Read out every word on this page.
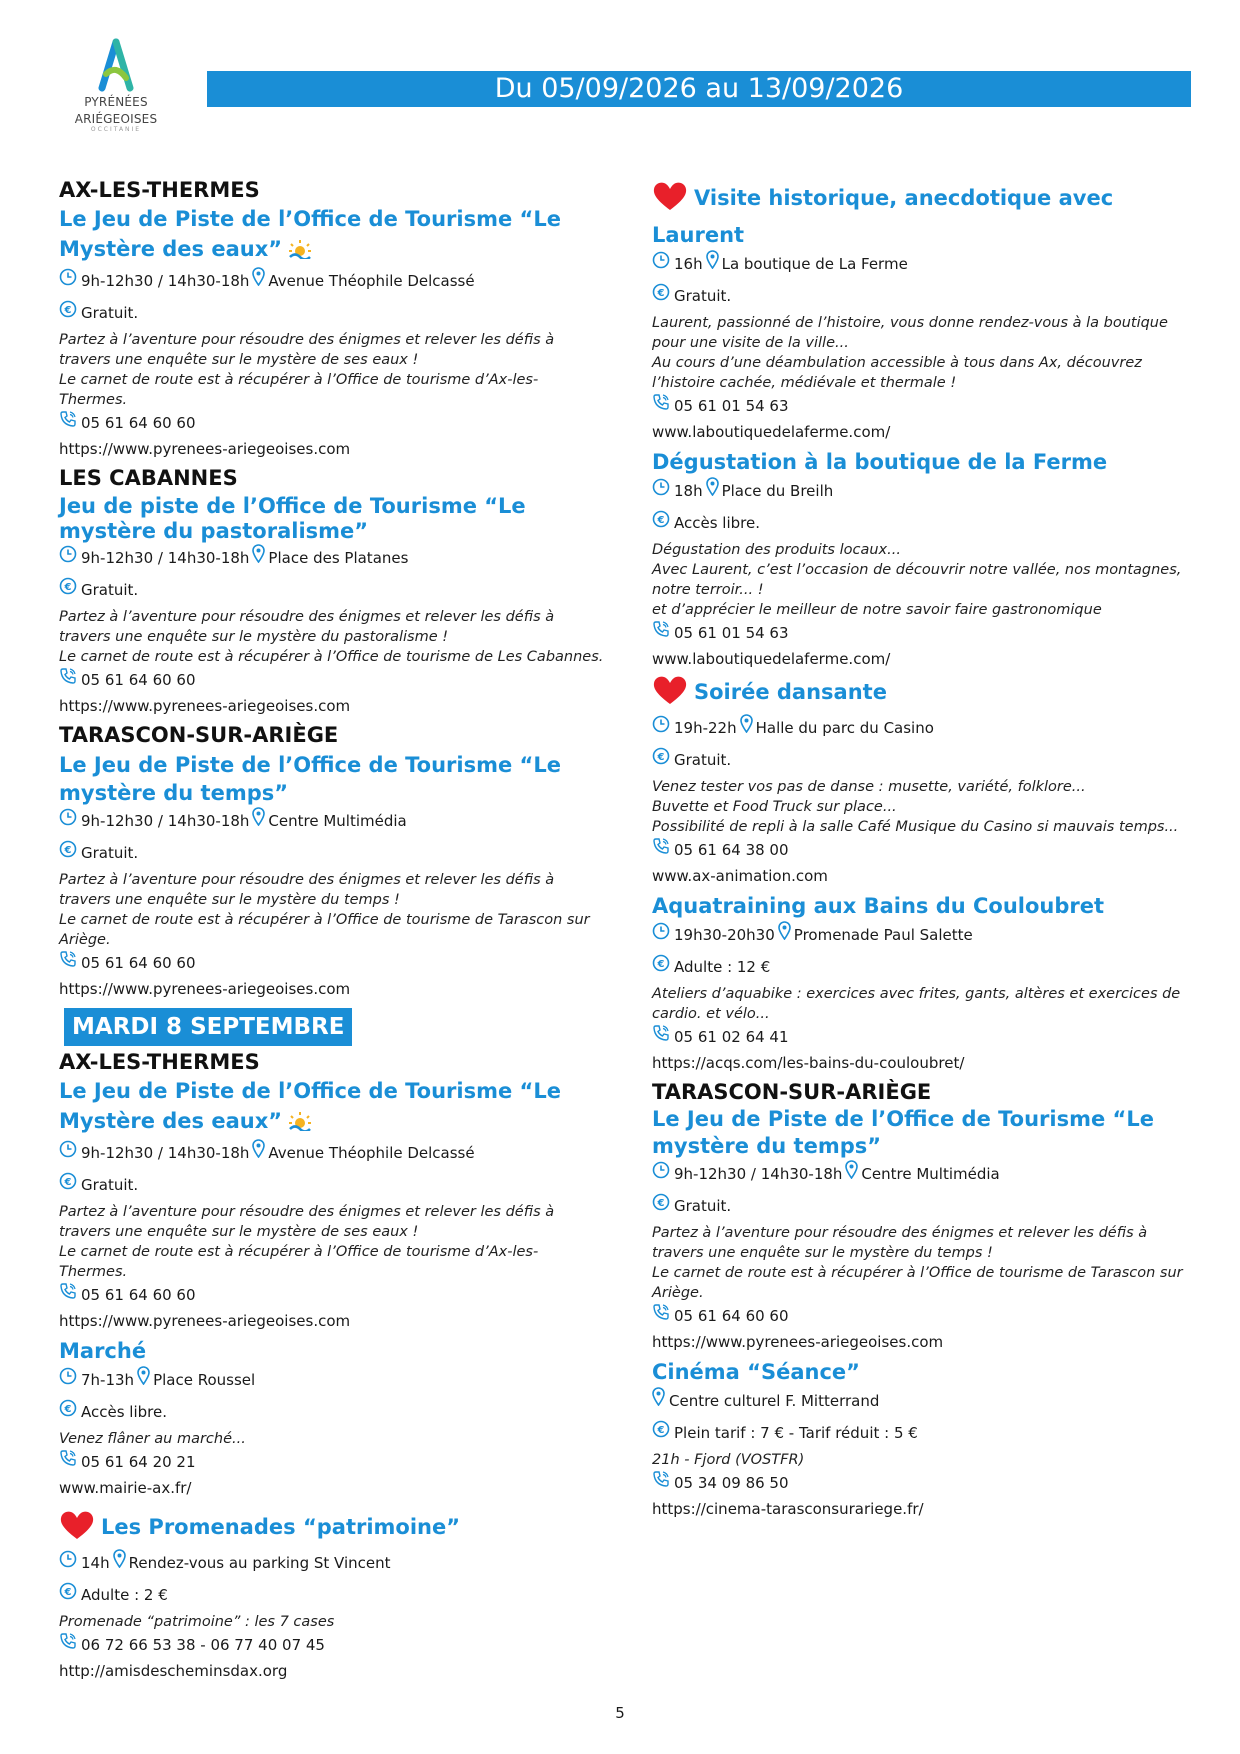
PYRÉNÉES
ARIÉGEOISES
OCCITANIE
Du 05/09/2026 au 13/09/2026
AX-LES-THERMES
Le Jeu de Piste de l’Office de Tourisme “Le Mystère des eaux”
9h-12h30 / 14h30-18h Avenue Théophile Delcassé
€ Gratuit.
Partez à l’aventure pour résoudre des énigmes et relever les défis à travers une enquête sur le mystère de ses eaux !
Le carnet de route est à récupérer à l’Office de tourisme d’Ax-les-Thermes.
05 61 64 60 60
https://www.pyrenees-ariegeoises.com
LES CABANNES
Jeu de piste de l’Office de Tourisme “Le mystère du pastoralisme”
9h-12h30 / 14h30-18h Place des Platanes
€ Gratuit.
Partez à l’aventure pour résoudre des énigmes et relever les défis à travers une enquête sur le mystère du pastoralisme !
Le carnet de route est à récupérer à l’Office de tourisme de Les Cabannes.
05 61 64 60 60
https://www.pyrenees-ariegeoises.com
TARASCON-SUR-ARIÈGE
Le Jeu de Piste de l’Office de Tourisme “Le mystère du temps”
9h-12h30 / 14h30-18h Centre Multimédia
€ Gratuit.
Partez à l’aventure pour résoudre des énigmes et relever les défis à travers une enquête sur le mystère du temps !
Le carnet de route est à récupérer à l’Office de tourisme de Tarascon sur Ariège.
05 61 64 60 60
https://www.pyrenees-ariegeoises.com
MARDI 8 SEPTEMBRE
AX-LES-THERMES
Le Jeu de Piste de l’Office de Tourisme “Le Mystère des eaux”
9h-12h30 / 14h30-18h Avenue Théophile Delcassé
€ Gratuit.
Partez à l’aventure pour résoudre des énigmes et relever les défis à travers une enquête sur le mystère de ses eaux !
Le carnet de route est à récupérer à l’Office de tourisme d’Ax-les-Thermes.
05 61 64 60 60
https://www.pyrenees-ariegeoises.com
Marché
7h-13h Place Roussel
€ Accès libre.
Venez flâner au marché...
05 61 64 20 21
www.mairie-ax.fr/
Les Promenades “patrimoine”
14h Rendez-vous au parking St Vincent
€ Adulte : 2 €
Promenade “patrimoine” : les 7 cases
06 72 66 53 38 - 06 77 40 07 45
http://amisdescheminsdax.org
Visite historique, anecdotique avec Laurent
16h La boutique de La Ferme
€ Gratuit.
Laurent, passionné de l’histoire, vous donne rendez-vous à la boutique pour une visite de la ville...
Au cours d’une déambulation accessible à tous dans Ax, découvrez l’histoire cachée, médiévale et thermale !
05 61 01 54 63
www.laboutiquedelaferme.com/
Dégustation à la boutique de la Ferme
18h Place du Breilh
€ Accès libre.
Dégustation des produits locaux...
Avec Laurent, c’est l’occasion de découvrir notre vallée, nos montagnes, notre terroir... !
et d’apprécier le meilleur de notre savoir faire gastronomique
05 61 01 54 63
www.laboutiquedelaferme.com/
Soirée dansante
19h-22h Halle du parc du Casino
€ Gratuit.
Venez tester vos pas de danse : musette, variété, folklore...
Buvette et Food Truck sur place...
Possibilité de repli à la salle Café Musique du Casino si mauvais temps...
05 61 64 38 00
www.ax-animation.com
Aquatraining aux Bains du Couloubret
19h30-20h30 Promenade Paul Salette
€ Adulte : 12 €
Ateliers d’aquabike : exercices avec frites, gants, altères et exercices de cardio. et vélo...
05 61 02 64 41
https://acqs.com/les-bains-du-couloubret/
TARASCON-SUR-ARIÈGE
Le Jeu de Piste de l’Office de Tourisme “Le mystère du temps”
9h-12h30 / 14h30-18h Centre Multimédia
€ Gratuit.
Partez à l’aventure pour résoudre des énigmes et relever les défis à travers une enquête sur le mystère du temps !
Le carnet de route est à récupérer à l’Office de tourisme de Tarascon sur Ariège.
05 61 64 60 60
https://www.pyrenees-ariegeoises.com
Cinéma “Séance”
Centre culturel F. Mitterrand
€ Plein tarif : 7 € - Tarif réduit : 5 €
21h - Fjord (VOSTFR)
05 34 09 86 50
https://cinema-tarasconsurariege.fr/
5
